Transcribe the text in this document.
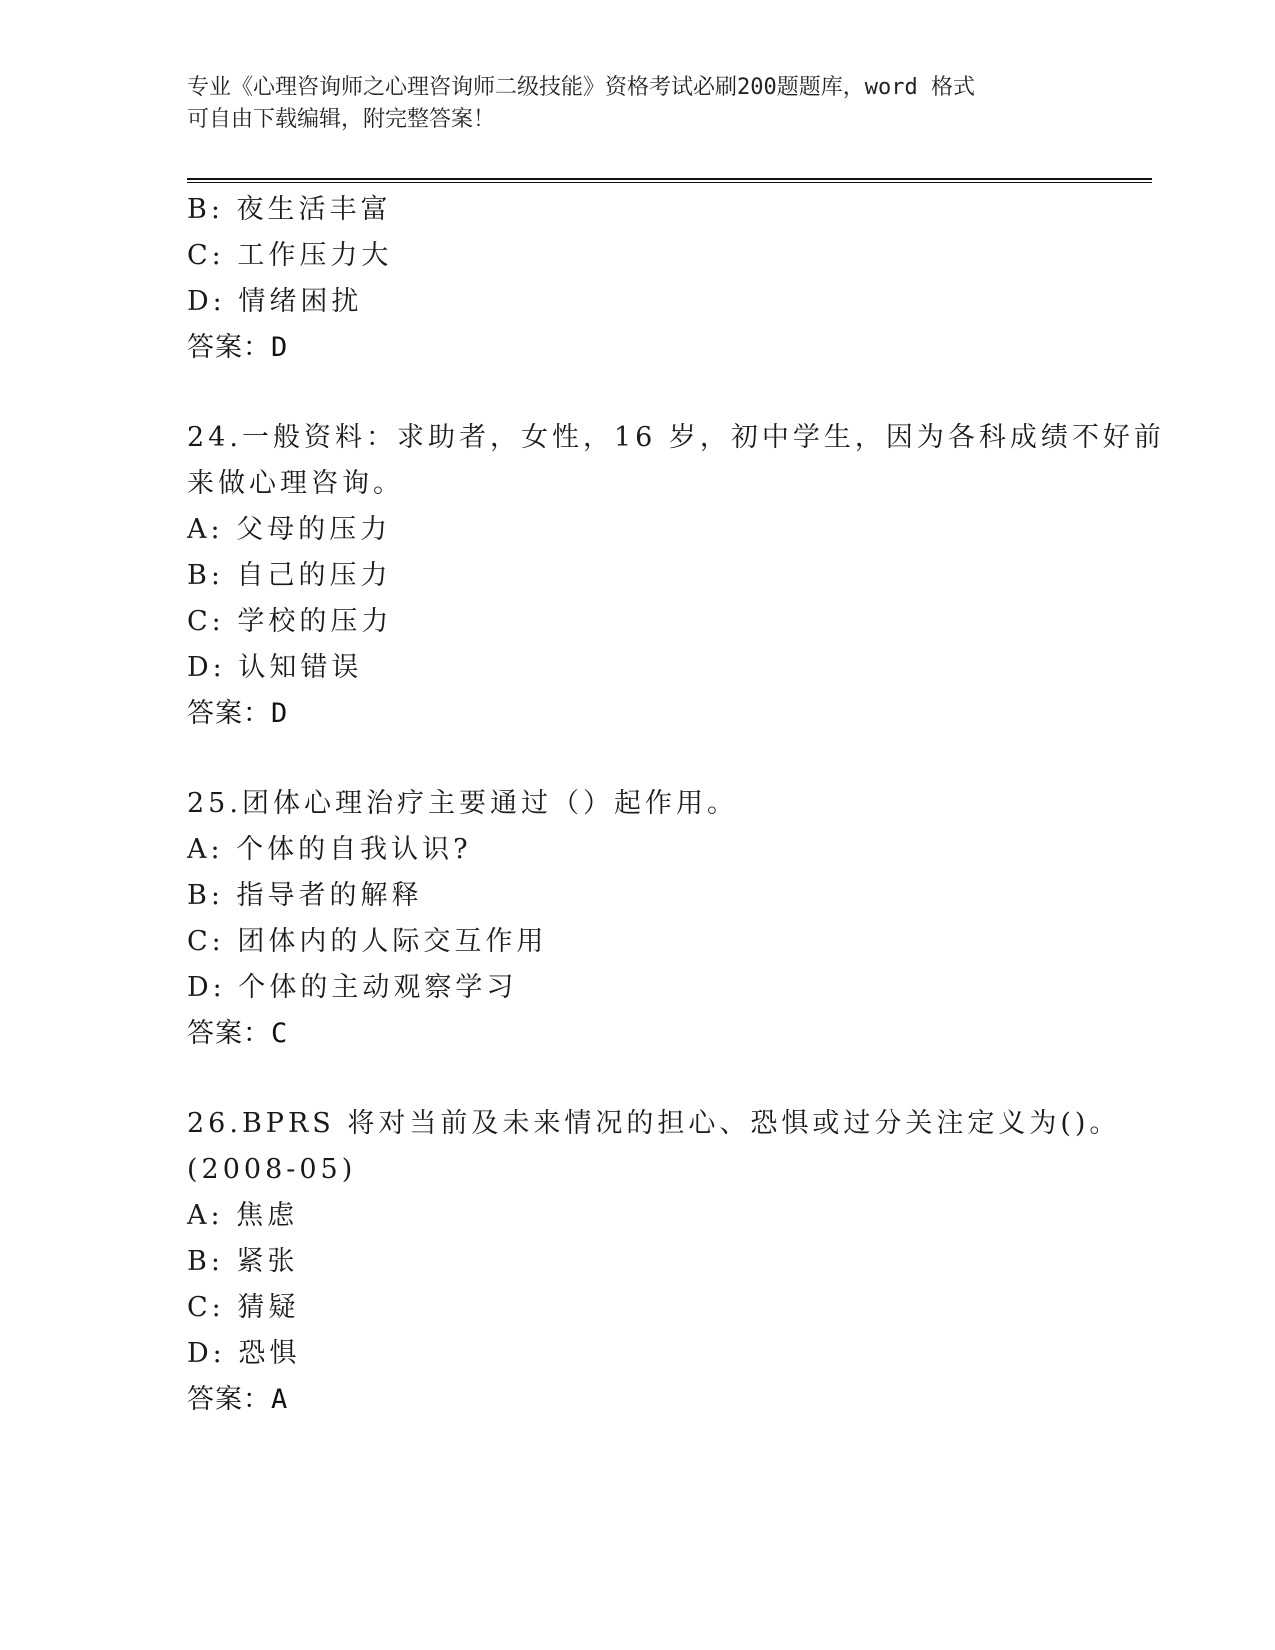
专业《心理咨询师之心理咨询师二级技能》资格考试必刷200题题库，word 格式
可自由下载编辑，附完整答案！
B: 夜生活丰富
C: 工作压力大
D: 情绪困扰
答案：D
24.一般资料：求助者，女性，16 岁，初中学生，因为各科成绩不好前
来做心理咨询。
A: 父母的压力
B: 自己的压力
C: 学校的压力
D: 认知错误
答案：D
25.团体心理治疗主要通过（）起作用。
A: 个体的自我认识?
B: 指导者的解释
C: 团体内的人际交互作用
D: 个体的主动观察学习
答案：C
26.BPRS 将对当前及未来情况的担心、恐惧或过分关注定义为()。
(2008-05)
A: 焦虑
B: 紧张
C: 猜疑
D: 恐惧
答案：A
